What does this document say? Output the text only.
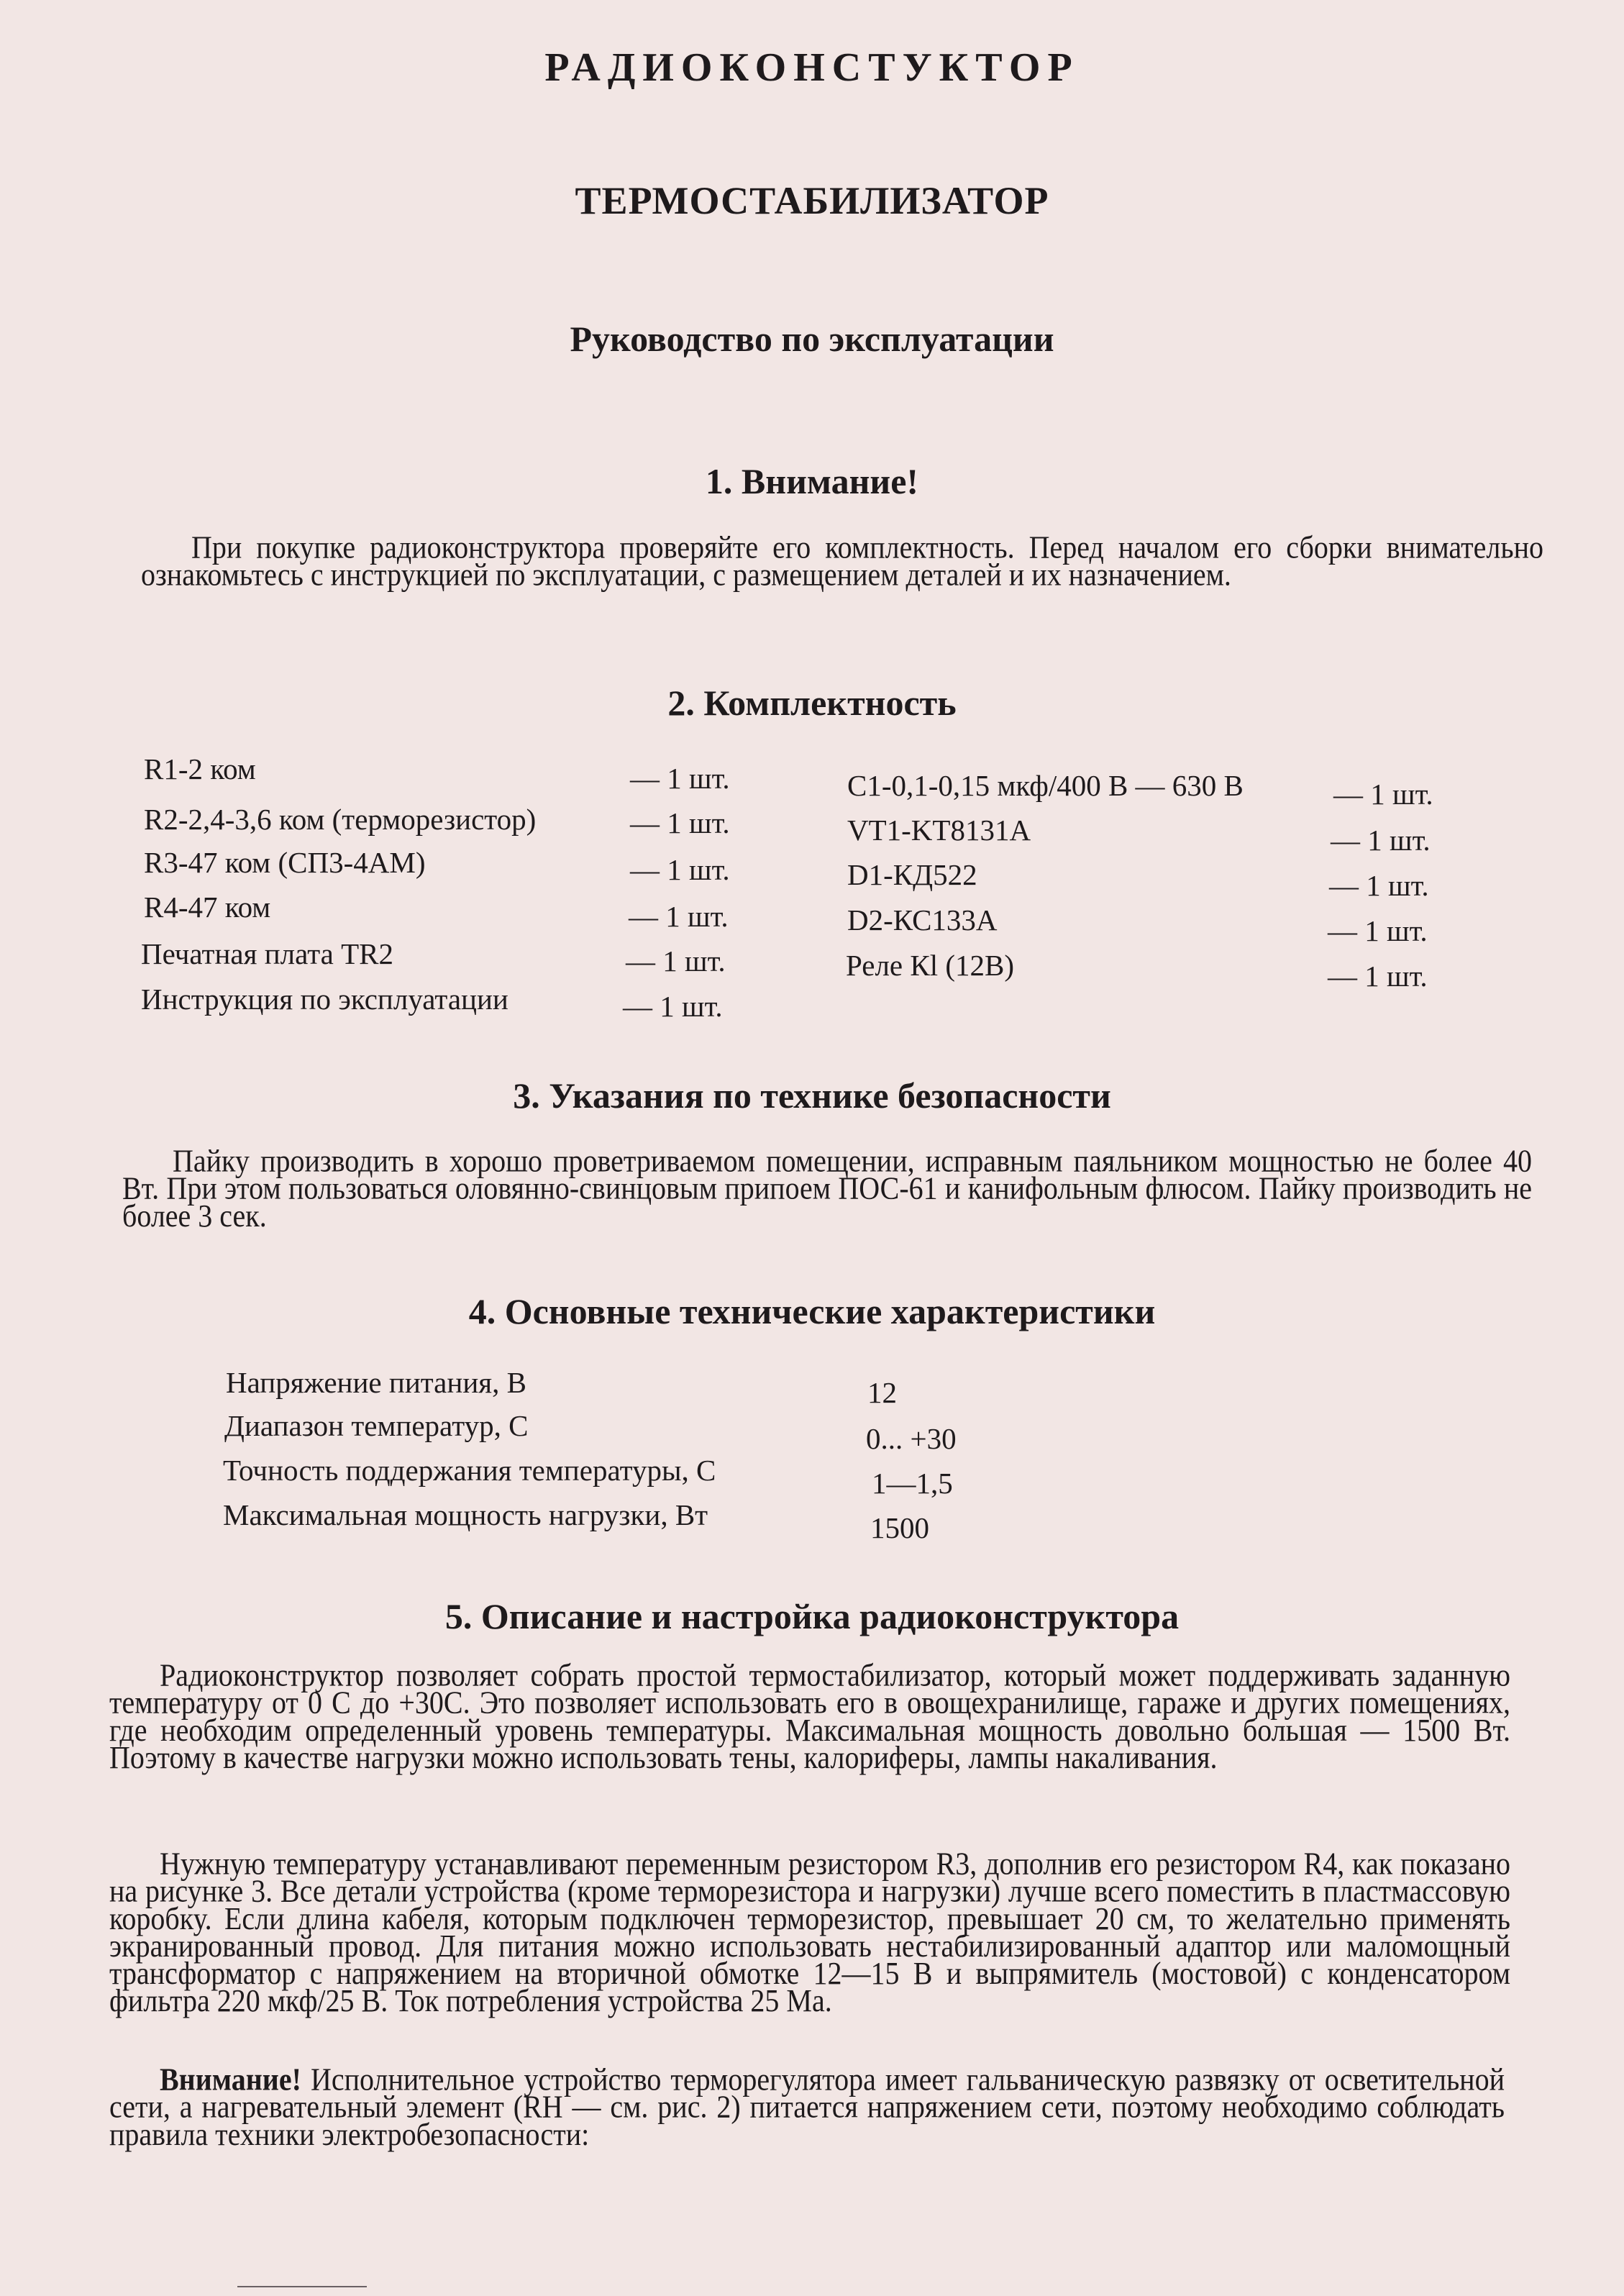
РАДИОКОНСТУКТОР
ТЕРМОСТАБИЛИЗАТОР
Руководство по эксплуатации
1. Внимание!
При покупке радиоконструктора проверяйте его комплектность. Перед началом его сборки внимательно ознакомьтесь с инструкцией по эксплуатации, с размещением деталей и их назначением.
2. Комплектность
R1-2 ком	— 1 шт.
R2-2,4-3,6 ком (терморезистор)	— 1 шт.
R3-47 ком (СП3-4АМ)	— 1 шт.
R4-47 ком	— 1 шт.
Печатная плата TR2	— 1 шт.
Инструкция по эксплуатации	— 1 шт.
C1-0,1-0,15 мкф/400 В — 630 В	— 1 шт.
VT1-KT8131A	— 1 шт.
D1-КД522	— 1 шт.
D2-КС133А	— 1 шт.
Реле Кl (12В)	— 1 шт.
3. Указания по технике безопасности
Пайку производить в хорошо проветриваемом помещении, исправным паяльником мощностью не более 40 Вт. При этом пользоваться оловянно-свинцовым припоем ПОС-61 и канифольным флюсом. Пайку производить не более 3 сек.
4. Основные технические характеристики
Напряжение питания, В	12
Диапазон температур, С	0... +30
Точность поддержания температуры, С	1—1,5
Максимальная мощность нагрузки, Вт	1500
5. Описание и настройка радиоконструктора
Радиоконструктор позволяет собрать простой термостабилизатор, который может поддерживать заданную температуру от 0 С до +30С. Это позволяет использовать его в овощехранилище, гараже и других помещениях, где необходим определенный уровень температуры. Максимальная мощность довольно большая — 1500 Вт. Поэтому в качестве нагрузки можно использовать тены, калориферы, лампы накаливания.
Нужную температуру устанавливают переменным резистором R3, дополнив его резистором R4, как показано на рисунке 3. Все детали устройства (кроме терморезистора и нагрузки) лучше всего поместить в пластмассовую коробку. Если длина кабеля, которым подключен терморезистор, превышает 20 см, то желательно применять экранированный провод. Для питания можно использовать нестабилизированный адаптор или маломощный трансформатор с напряжением на вторичной обмотке 12—15 В и выпрямитель (мостовой) с конденсатором фильтра 220 мкф/25 В. Ток потребления устройства 25 Ма.
Внимание! Исполнительное устройство терморегулятора имеет гальваническую развязку от осветительной сети, а нагревательный элемент (RH — см. рис. 2) питается напряжением сети, поэтому необходимо соблюдать правила техники электробезопасности:
